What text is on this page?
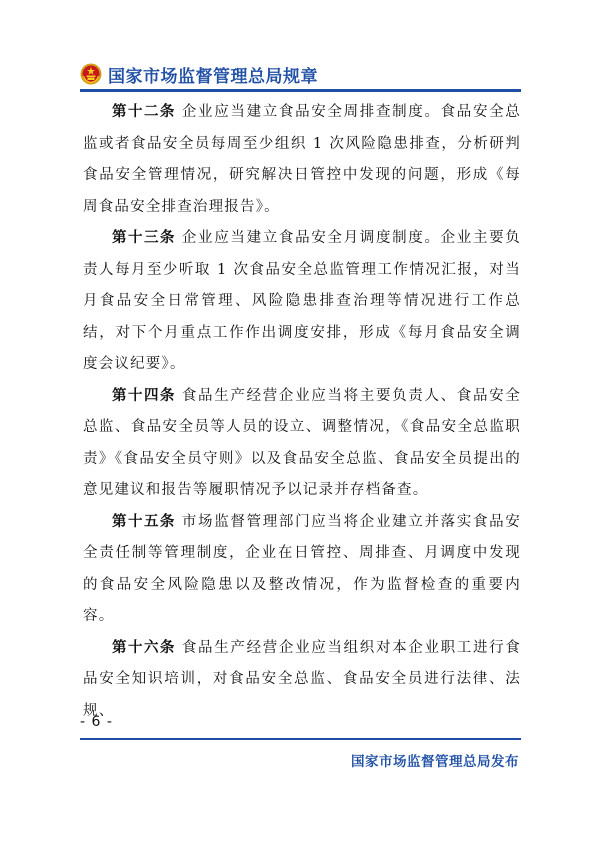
国家市场监督管理总局规章

第十二条 企业应当建立食品安全周排查制度。食品安全总监或者食品安全员每周至少组织 1 次风险隐患排查，分析研判食品安全管理情况，研究解决日管控中发现的问题，形成《每周食品安全排查治理报告》。

第十三条 企业应当建立食品安全月调度制度。企业主要负责人每月至少听取 1 次食品安全总监管理工作情况汇报，对当月食品安全日常管理、风险隐患排查治理等情况进行工作总结，对下个月重点工作作出调度安排，形成《每月食品安全调度会议纪要》。

第十四条 食品生产经营企业应当将主要负责人、食品安全总监、食品安全员等人员的设立、调整情况，《食品安全总监职责》《食品安全员守则》以及食品安全总监、食品安全员提出的意见建议和报告等履职情况予以记录并存档备查。

第十五条 市场监督管理部门应当将企业建立并落实食品安全责任制等管理制度，企业在日管控、周排查、月调度中发现的食品安全风险隐患以及整改情况，作为监督检查的重要内容。

第十六条 食品生产经营企业应当组织对本企业职工进行食品安全知识培训，对食品安全总监、食品安全员进行法律、法规、

- 6 -
国家市场监督管理总局发布
